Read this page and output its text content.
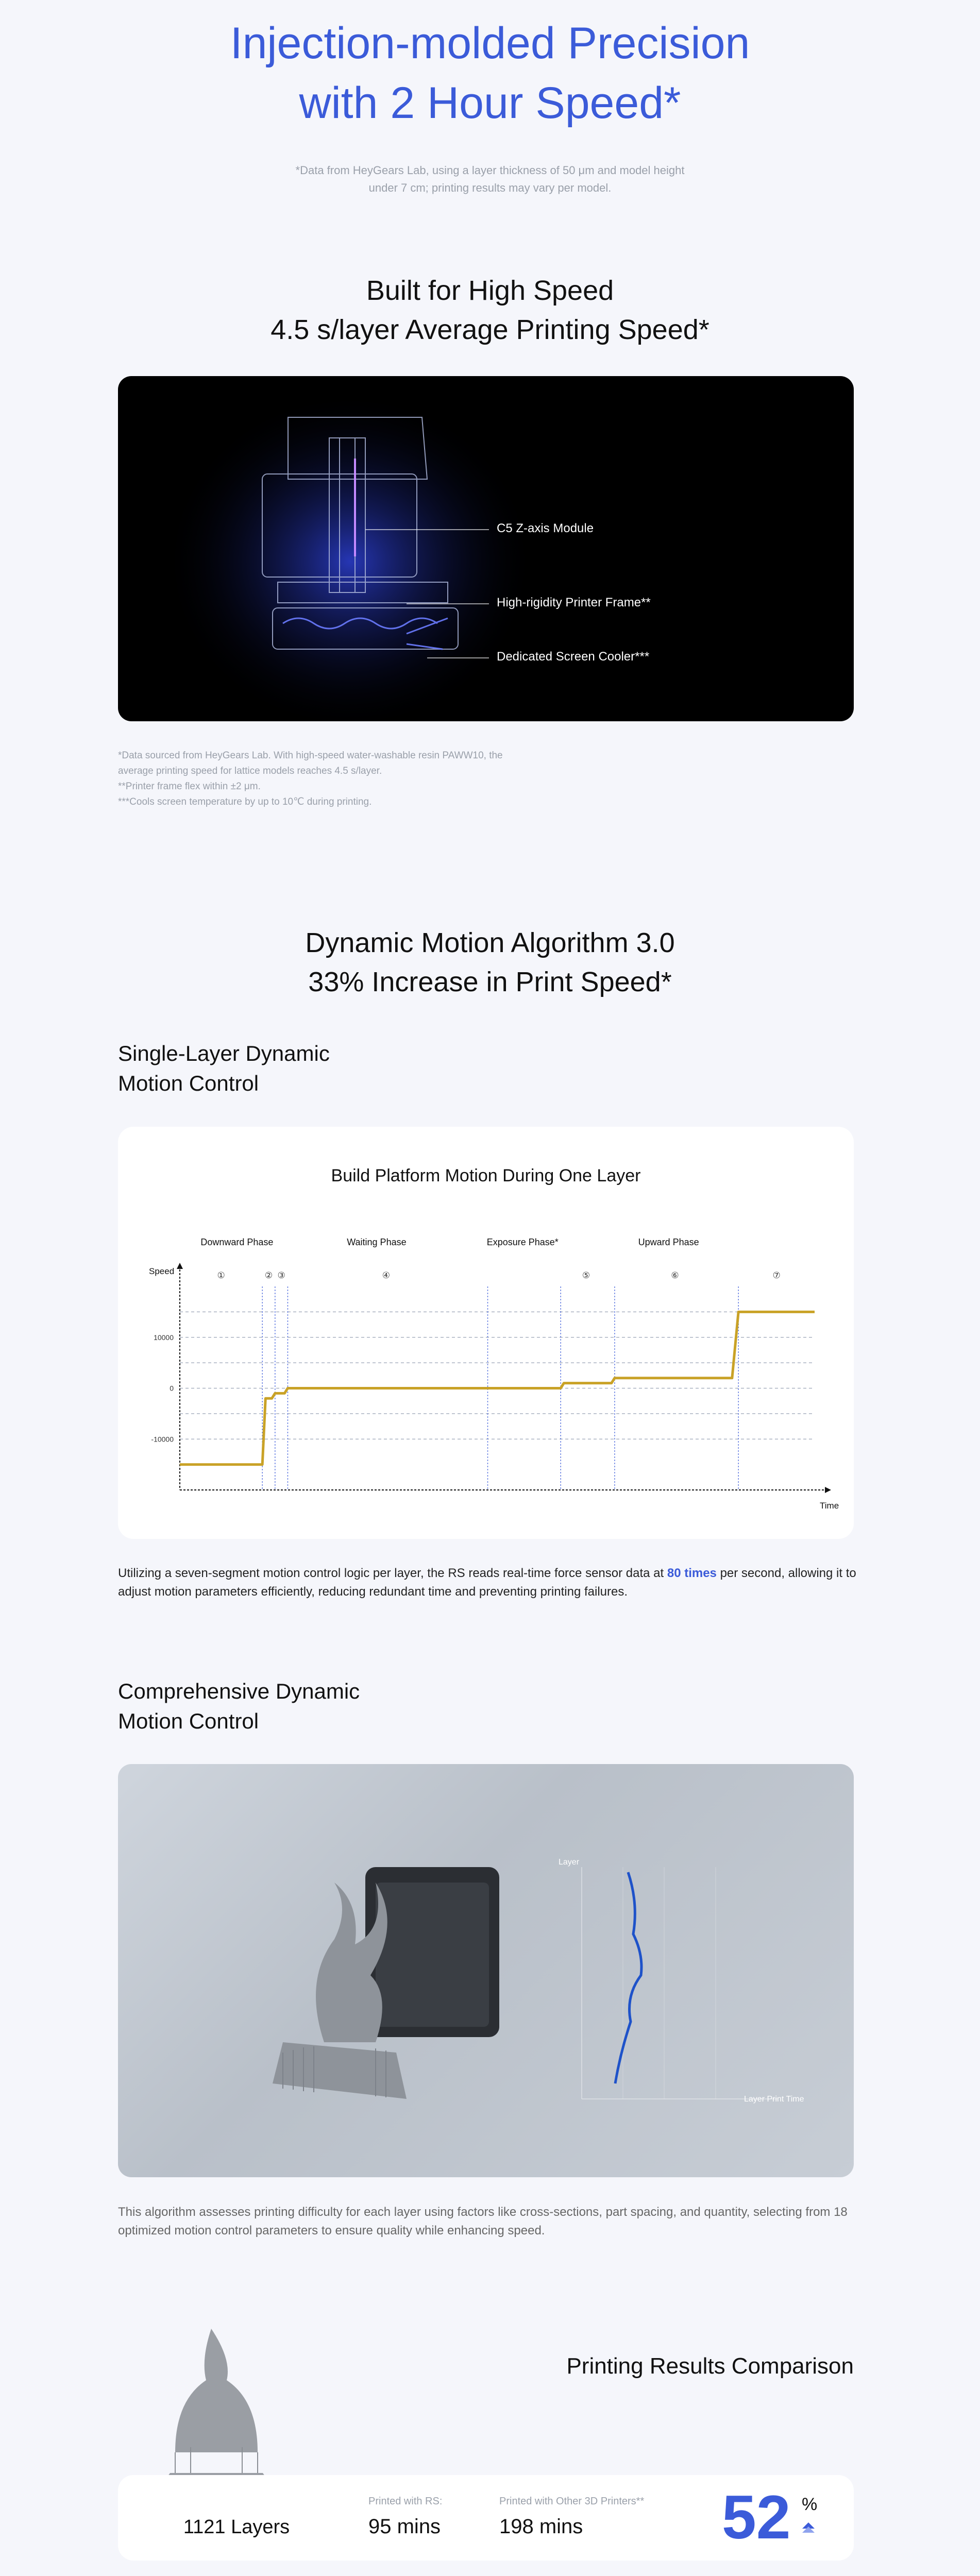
Injection-molded Precision
with 2 Hour Speed*
*Data from HeyGears Lab, using a layer thickness of 50 μm and model height
under 7 cm; printing results may vary per model.
Built for High Speed
4.5 s/layer Average Printing Speed*
C5 Z-axis Module
High-rigidity Printer Frame**
Dedicated Screen Cooler***
*Data sourced from HeyGears Lab. With high-speed water-washable resin PAWW10, the
average printing speed for lattice models reaches 4.5 s/layer.
**Printer frame flex within ±2 μm.
***Cools screen temperature by up to 10℃ during printing.
Dynamic Motion Algorithm 3.0
33% Increase in Print Speed*
Single-Layer Dynamic
Motion Control
Build Platform Motion During One Layer
Speed
Time
10000
0
-10000
Downward Phase	Waiting Phase	Exposure Phase*	Upward Phase
①	② ③	④	⑤	⑥	⑦
Utilizing a seven-segment motion control logic per layer, the RS reads real-time force sensor data at 80 times per second, allowing it to adjust motion parameters efficiently, reducing redundant time and preventing printing failures.
Comprehensive Dynamic
Motion Control
Layer
Layer Print Time
This algorithm assesses printing difficulty for each layer using factors like cross-sections, part spacing, and quantity, selecting from 18 optimized motion control parameters to ensure quality while enhancing speed.
Printing Results Comparison
1121 Layers
Printed with RS:
95 mins
Printed with Other 3D Printers**
198 mins 52 %
